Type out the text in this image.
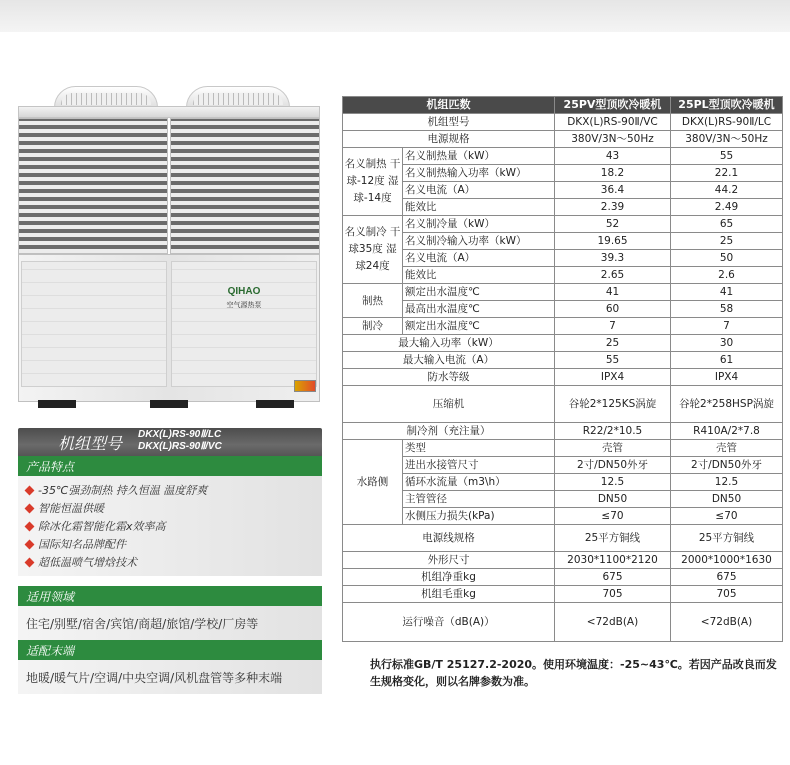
QIHAO
空气源热泵
机组型号 DKX(L)RS-90Ⅱ/LC
DKX(L)RS-90Ⅱ/VC
产品特点
-35℃强劲制热 持久恒温 温度舒爽
智能恒温供暖
除冰化霜智能化霜x效率高
国际知名品牌配件
超低温喷气增焓技术
适用领域
住宅/别墅/宿舍/宾馆/商超/旅馆/学校/厂房等
适配末端
地暖/暖气片/空调/中央空调/风机盘管等多种末端
机组匹数		25PV型顶吹冷暖机	25PL型顶吹冷暖机
机组型号		DKX(L)RS-90Ⅱ/VC	DKX(L)RS-90Ⅱ/LC
电源规格		380V/3N～50Hz	380V/3N～50Hz
名义制热 干球-12度 湿球-14度	名义制热量（kW）	43	55
	名义制热输入功率（kW）	18.2	22.1
	名义电流（A）	36.4	44.2
	能效比	2.39	2.49
名义制冷 干球35度 湿球24度	名义制冷量（kW）	52	65
	名义制冷输入功率（kW）	19.65	25
	名义电流（A）	39.3	50
	能效比	2.65	2.6
制热	额定出水温度℃	41	41
	最高出水温度℃	60	58
制冷	额定出水温度℃	7	7
最大输入功率（kW）		25	30
最大输入电流（A）		55	61
防水等级		IPX4	IPX4
压缩机		谷轮2*125KS涡旋	谷轮2*258HSP涡旋
制冷剂（充注量）		R22/2*10.5	R410A/2*7.8
水路侧	类型	壳管	壳管
	进出水接管尺寸	2寸/DN50外牙	2寸/DN50外牙
	循环水流量（m3\h）	12.5	12.5
	主管管径	DN50	DN50
	水侧压力损失(kPa)	≤70	≤70
电源线规格		25平方铜线	25平方铜线
外形尺寸		2030*1100*2120	2000*1000*1630
机组净重kg		675	675
机组毛重kg		705	705
运行噪音（dB(A)）		<72dB(A)	<72dB(A)
执行标准GB/T 25127.2-2020。使用环境温度：-25~43℃。若因产品改良而发生规格变化，则以名牌参数为准。
